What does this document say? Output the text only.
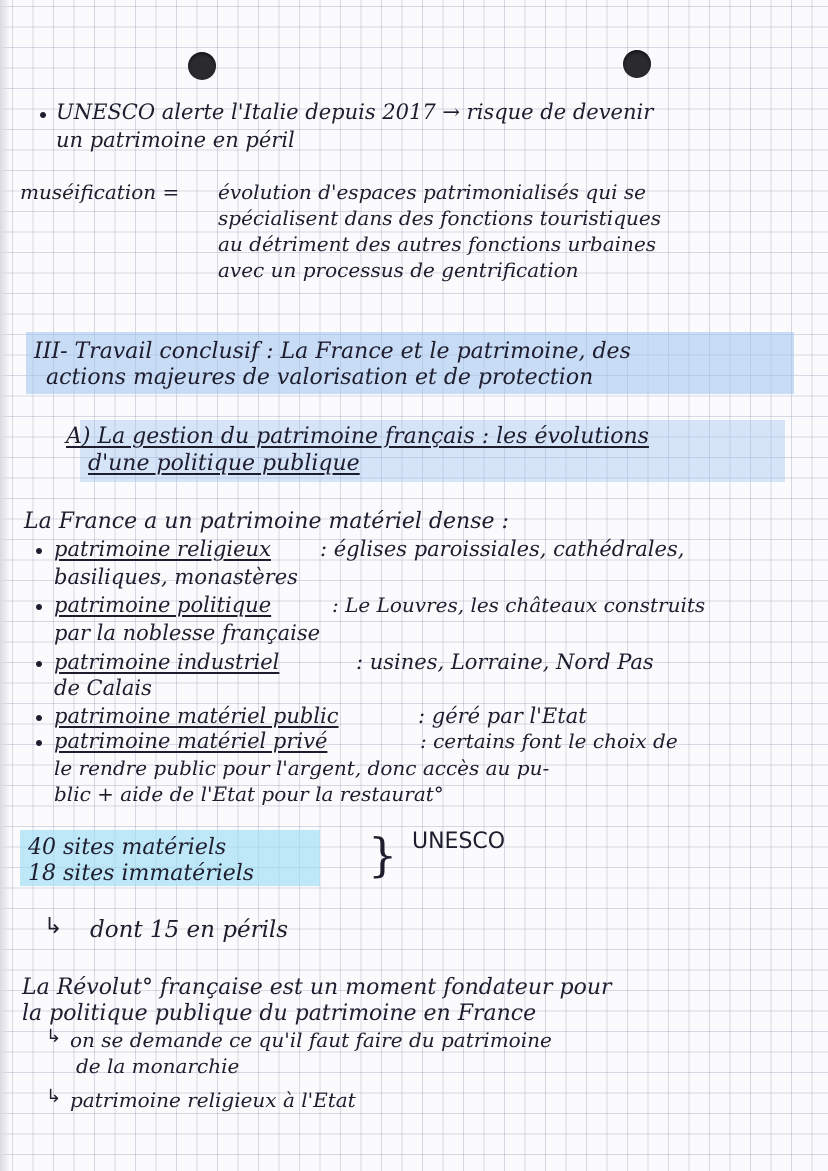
UNESCO alerte l'Italie depuis 2017 → risque de devenir
un patrimoine en péril
muséification = évolution d'espaces patrimonialisés qui se
spécialisent dans des fonctions touristiques
au détriment des autres fonctions urbaines
avec un processus de gentrification
III- Travail conclusif : La France et le patrimoine, des
actions majeures de valorisation et de protection
A) La gestion du patrimoine français : les évolutions
d'une politique publique
La France a un patrimoine matériel dense :
patrimoine religieux : églises paroissiales, cathédrales,
basiliques, monastères
patrimoine politique	: Le Louvres, les châteaux construits
par la noblesse française
patrimoine industriel	: usines, Lorraine, Nord Pas
de Calais
patrimoine matériel public	: géré par l'Etat
patrimoine matériel privé	: certains font le choix de
le rendre public pour l'argent, donc accès au pu-
blic + aide de l'Etat pour la restaurat°
40 sites matériels
18 sites immatériels } UNESCO
↳ dont 15 en périls
La Révolut° française est un moment fondateur pour
la politique publique du patrimoine en France
↳ on se demande ce qu'il faut faire du patrimoine
de la monarchie
↳ patrimoine religieux à l'Etat
